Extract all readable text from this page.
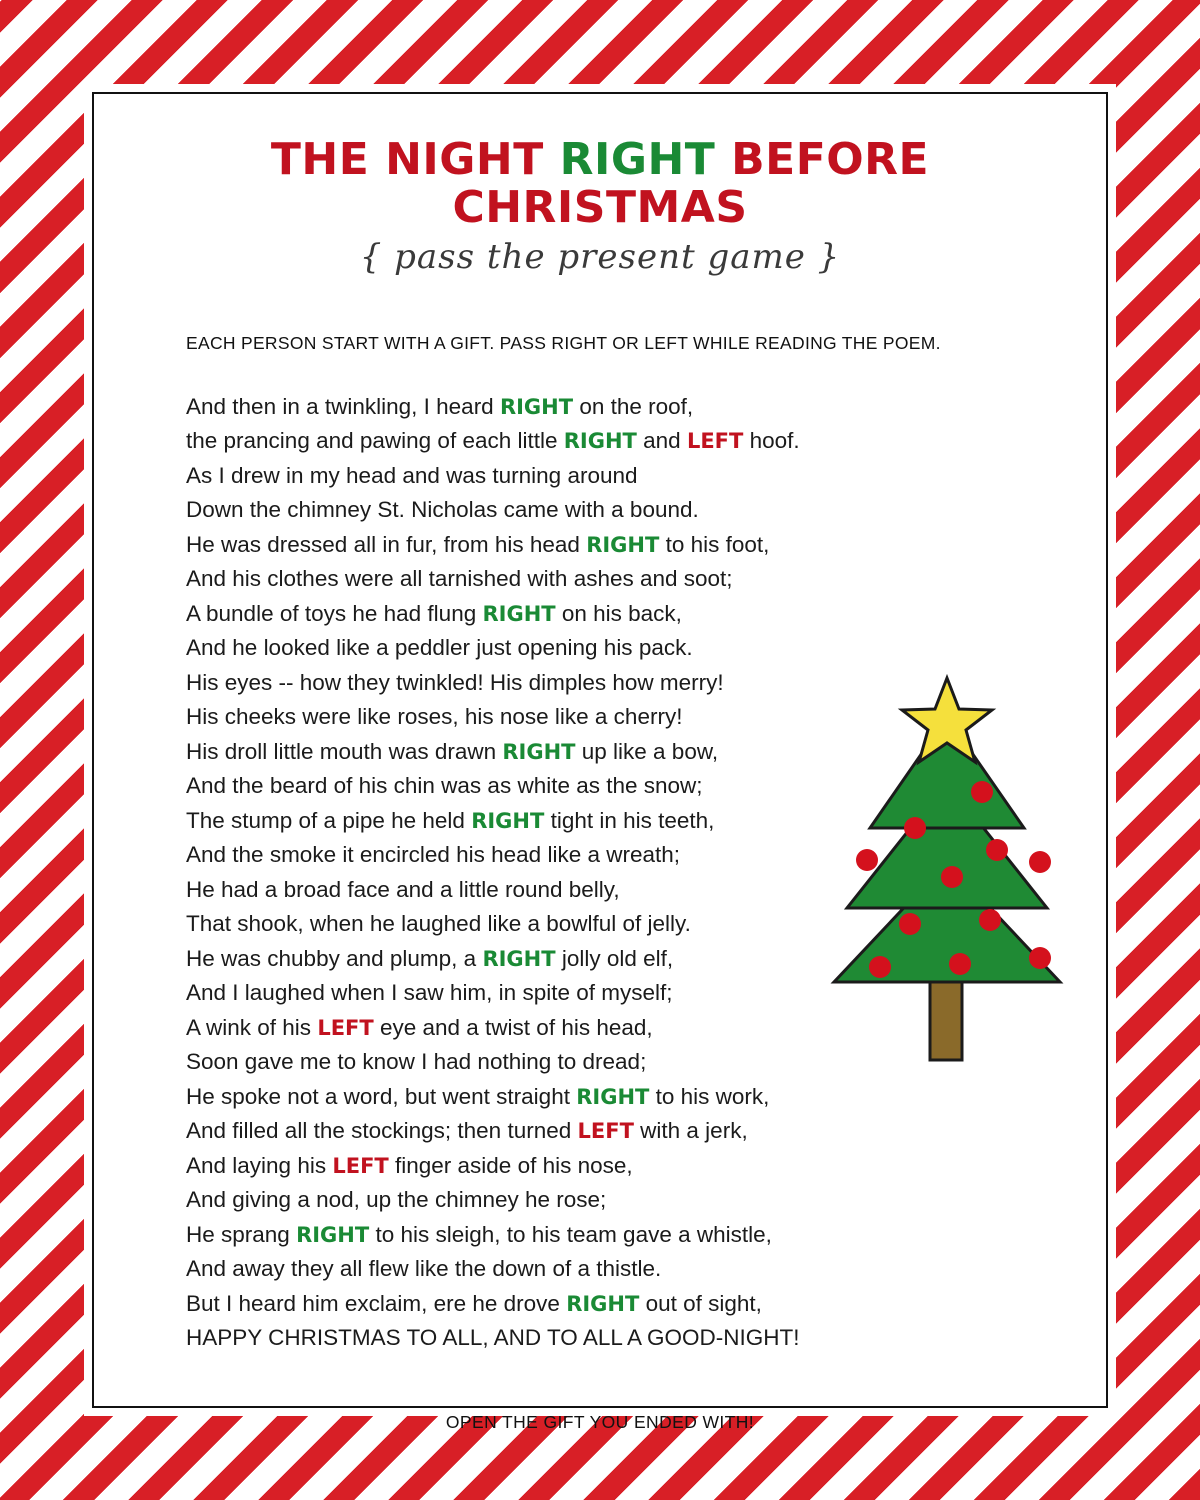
THE NIGHT RIGHT BEFORE CHRISTMAS
{ pass the present game }
EACH PERSON START WITH A GIFT. PASS RIGHT OR LEFT WHILE READING THE POEM.
And then in a twinkling, I heard RIGHT on the roof,
the prancing and pawing of each little RIGHT and LEFT hoof.
As I drew in my head and was turning around
Down the chimney St. Nicholas came with a bound.
He was dressed all in fur, from his head RIGHT to his foot,
And his clothes were all tarnished with ashes and soot;
A bundle of toys he had flung RIGHT on his back,
And he looked like a peddler just opening his pack.
His eyes -- how they twinkled! His dimples how merry!
His cheeks were like roses, his nose like a cherry!
His droll little mouth was drawn RIGHT up like a bow,
And the beard of his chin was as white as the snow;
The stump of a pipe he held RIGHT tight in his teeth,
And the smoke it encircled his head like a wreath;
He had a broad face and a little round belly,
That shook, when he laughed like a bowlful of jelly.
He was chubby and plump, a RIGHT jolly old elf,
And I laughed when I saw him, in spite of myself;
A wink of his LEFT eye and a twist of his head,
Soon gave me to know I had nothing to dread;
He spoke not a word, but went straight RIGHT to his work,
And filled all the stockings; then turned LEFT with a jerk,
And laying his LEFT finger aside of his nose,
And giving a nod, up the chimney he rose;
He sprang RIGHT to his sleigh, to his team gave a whistle,
And away they all flew like the down of a thistle.
But I heard him exclaim, ere he drove RIGHT out of sight,
HAPPY CHRISTMAS TO ALL, AND TO ALL A GOOD-NIGHT!
OPEN THE GIFT YOU ENDED WITH!
